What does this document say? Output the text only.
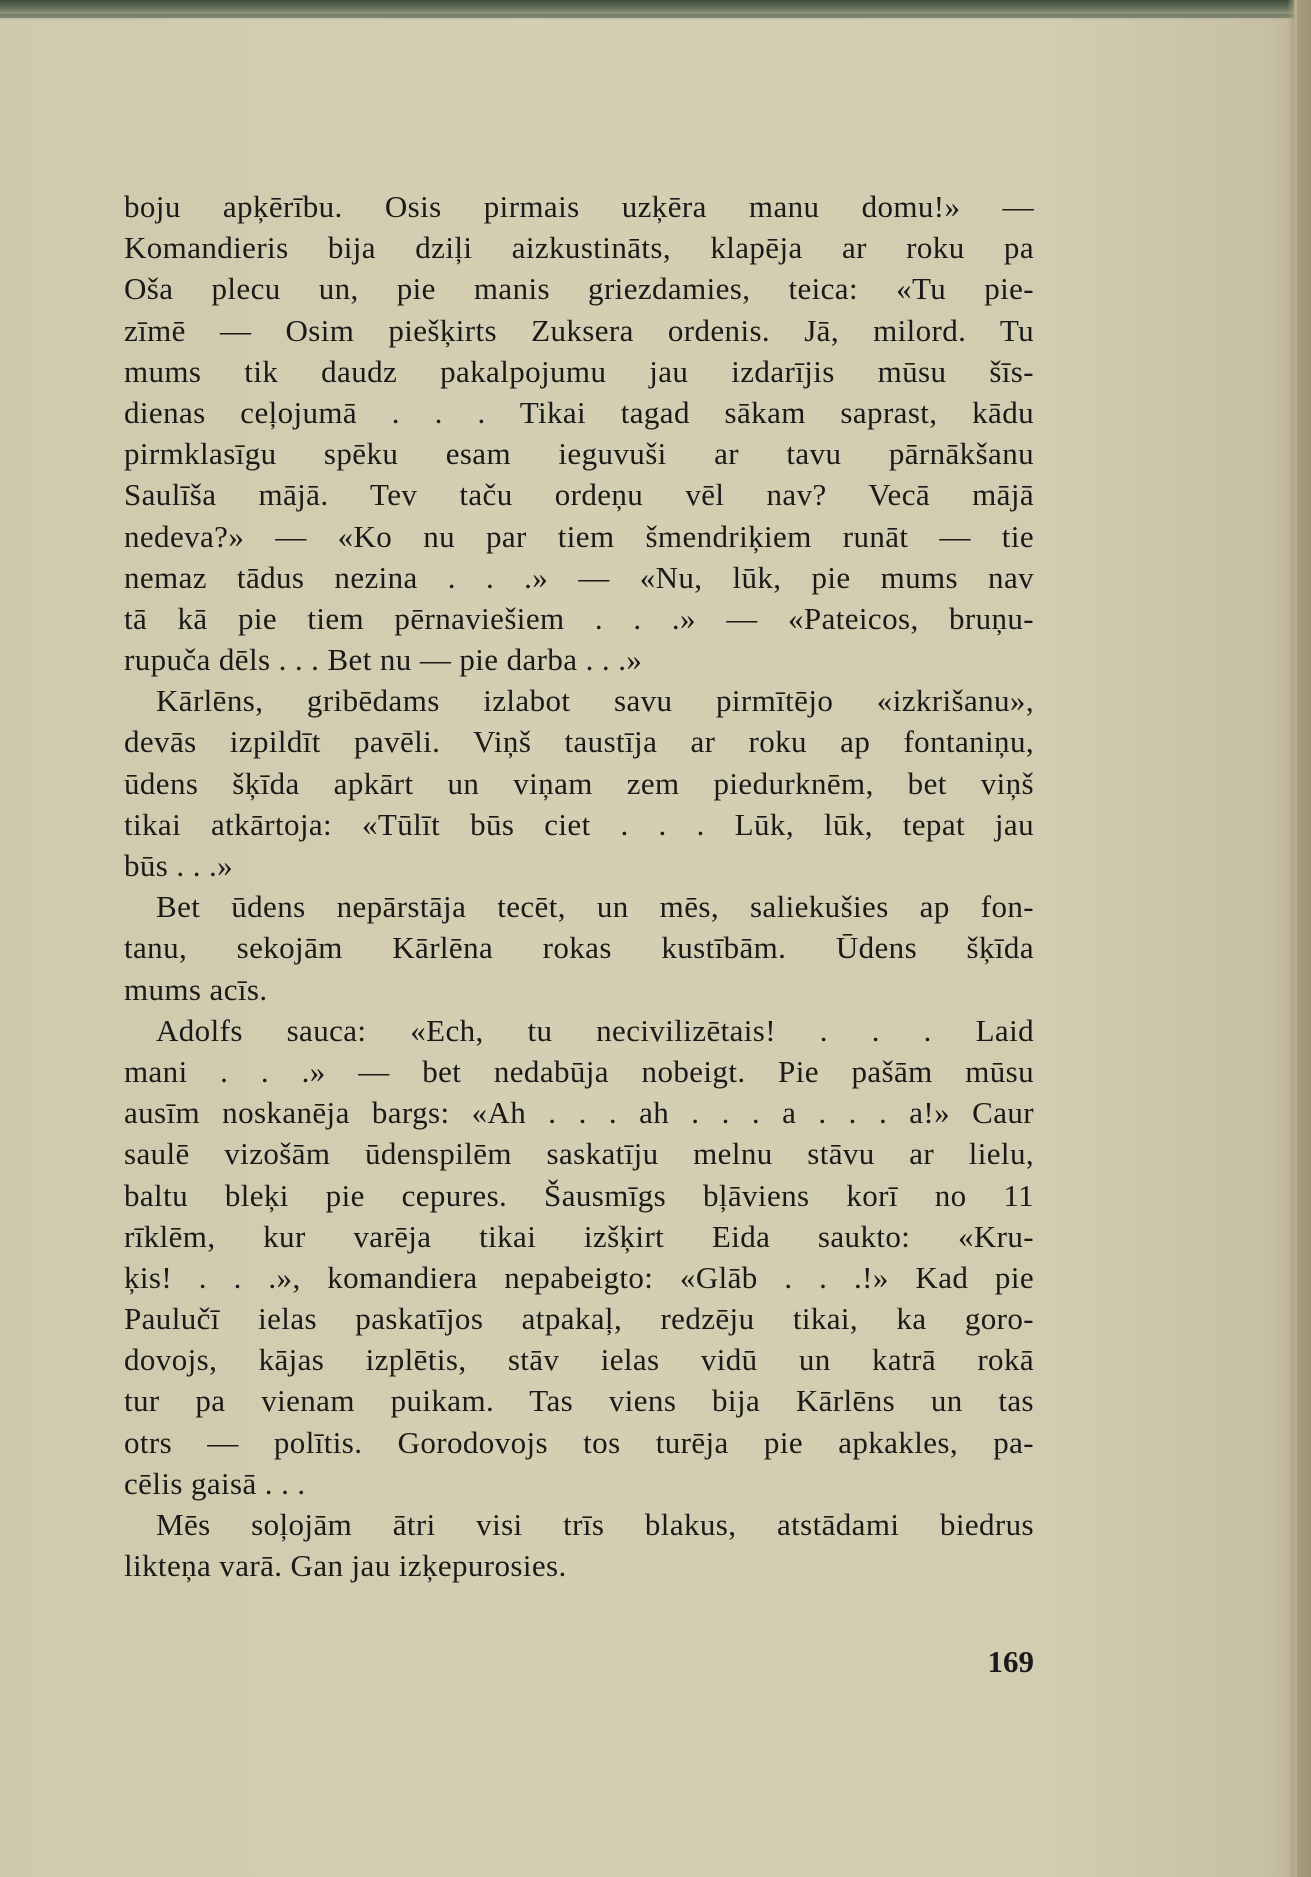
boju apķērību. Osis pirmais uzķēra manu domu!» —
Komandieris bija dziļi aizkustināts, klapēja ar roku pa
Oša plecu un, pie manis griezdamies, teica: «Tu pie-
zīmē — Osim piešķirts Zuksera ordenis. Jā, milord. Tu
mums tik daudz pakalpojumu jau izdarījis mūsu šīs-
dienas ceļojumā . . . Tikai tagad sākam saprast, kādu
pirmklasīgu spēku esam ieguvuši ar tavu pārnākšanu
Saulīša mājā. Tev taču ordeņu vēl nav? Vecā mājā
nedeva?» — «Ko nu par tiem šmendriķiem runāt — tie
nemaz tādus nezina . . .» — «Nu, lūk, pie mums nav
tā kā pie tiem pērnaviešiem . . .» — «Pateicos, bruņu-
rupuča dēls . . . Bet nu — pie darba . . .»
Kārlēns, gribēdams izlabot savu pirmītējo «izkrišanu»,
devās izpildīt pavēli. Viņš taustīja ar roku ap fontaniņu,
ūdens šķīda apkārt un viņam zem piedurknēm, bet viņš
tikai atkārtoja: «Tūlīt būs ciet . . . Lūk, lūk, tepat jau
būs . . .»
Bet ūdens nepārstāja tecēt, un mēs, saliekušies ap fon-
tanu, sekojām Kārlēna rokas kustībām. Ūdens šķīda
mums acīs.
Adolfs sauca: «Ech, tu necivilizētais! . . . Laid
mani . . .» — bet nedabūja nobeigt. Pie pašām mūsu
ausīm noskanēja bargs: «Ah . . . ah . . . a . . . a!» Caur
saulē vizošām ūdenspilēm saskatīju melnu stāvu ar lielu,
baltu bleķi pie cepures. Šausmīgs bļāviens korī no 11
rīklēm, kur varēja tikai izšķirt Eida saukto: «Kru-
ķis! . . .», komandiera nepabeigto: «Glāb . . .!» Kad pie
Paulučī ielas paskatījos atpakaļ, redzēju tikai, ka goro-
dovojs, kājas izplētis, stāv ielas vidū un katrā rokā
tur pa vienam puikam. Tas viens bija Kārlēns un tas
otrs — polītis. Gorodovojs tos turēja pie apkakles, pa-
cēlis gaisā . . .
Mēs soļojām ātri visi trīs blakus, atstādami biedrus
likteņa varā. Gan jau izķepurosies.
169
